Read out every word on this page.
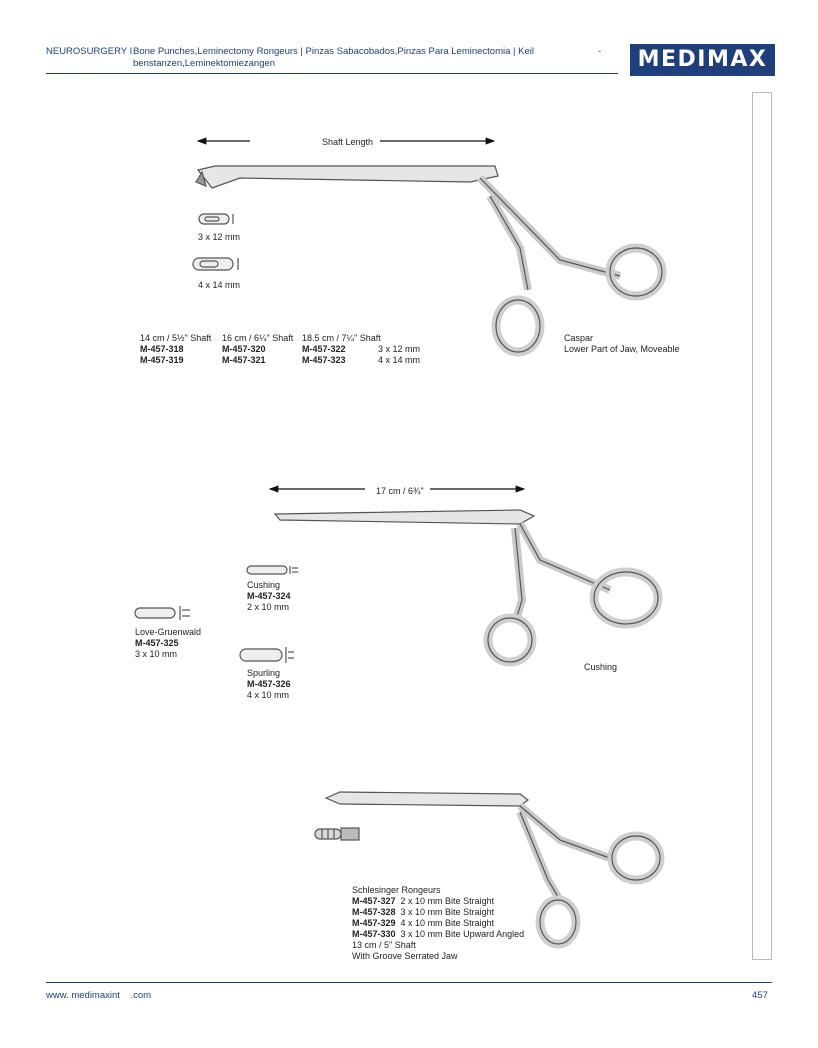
NEUROSURGERY I Bone Punches,Leminectomy Rongeurs | Pinzas Sabacobados,Pinzas Para Leminectomia | Keil benstanzen,Leminektomiezangen
-	MEDIMAX
Shaft Length
3 x 12 mm
4 x 14 mm
14 cm / 5½" Shaft 16 cm / 6¼" Shaft 18.5 cm / 7¼" Shaft
M-457-318	M-457-320	M-457-322	3 x 12 mm
M-457-319	M-457-321	M-457-323	4 x 14 mm
Caspar
Lower Part of Jaw, Moveable
17 cm / 6¾"
Cushing
M-457-324
2 x 10 mm
Love-Gruenwald
M-457-325
3 x 10 mm
Spurling
M-457-326
4 x 10 mm
Cushing
Schlesinger Rongeurs
M-457-327 2 x 10 mm Bite Straight
M-457-328 3 x 10 mm Bite Straight
M-457-329 4 x 10 mm Bite Straight
M-457-330 3 x 10 mm Bite Upward Angled
13 cm / 5" Shaft
With Groove Serrated Jaw
www. medimaxint    .com	457
